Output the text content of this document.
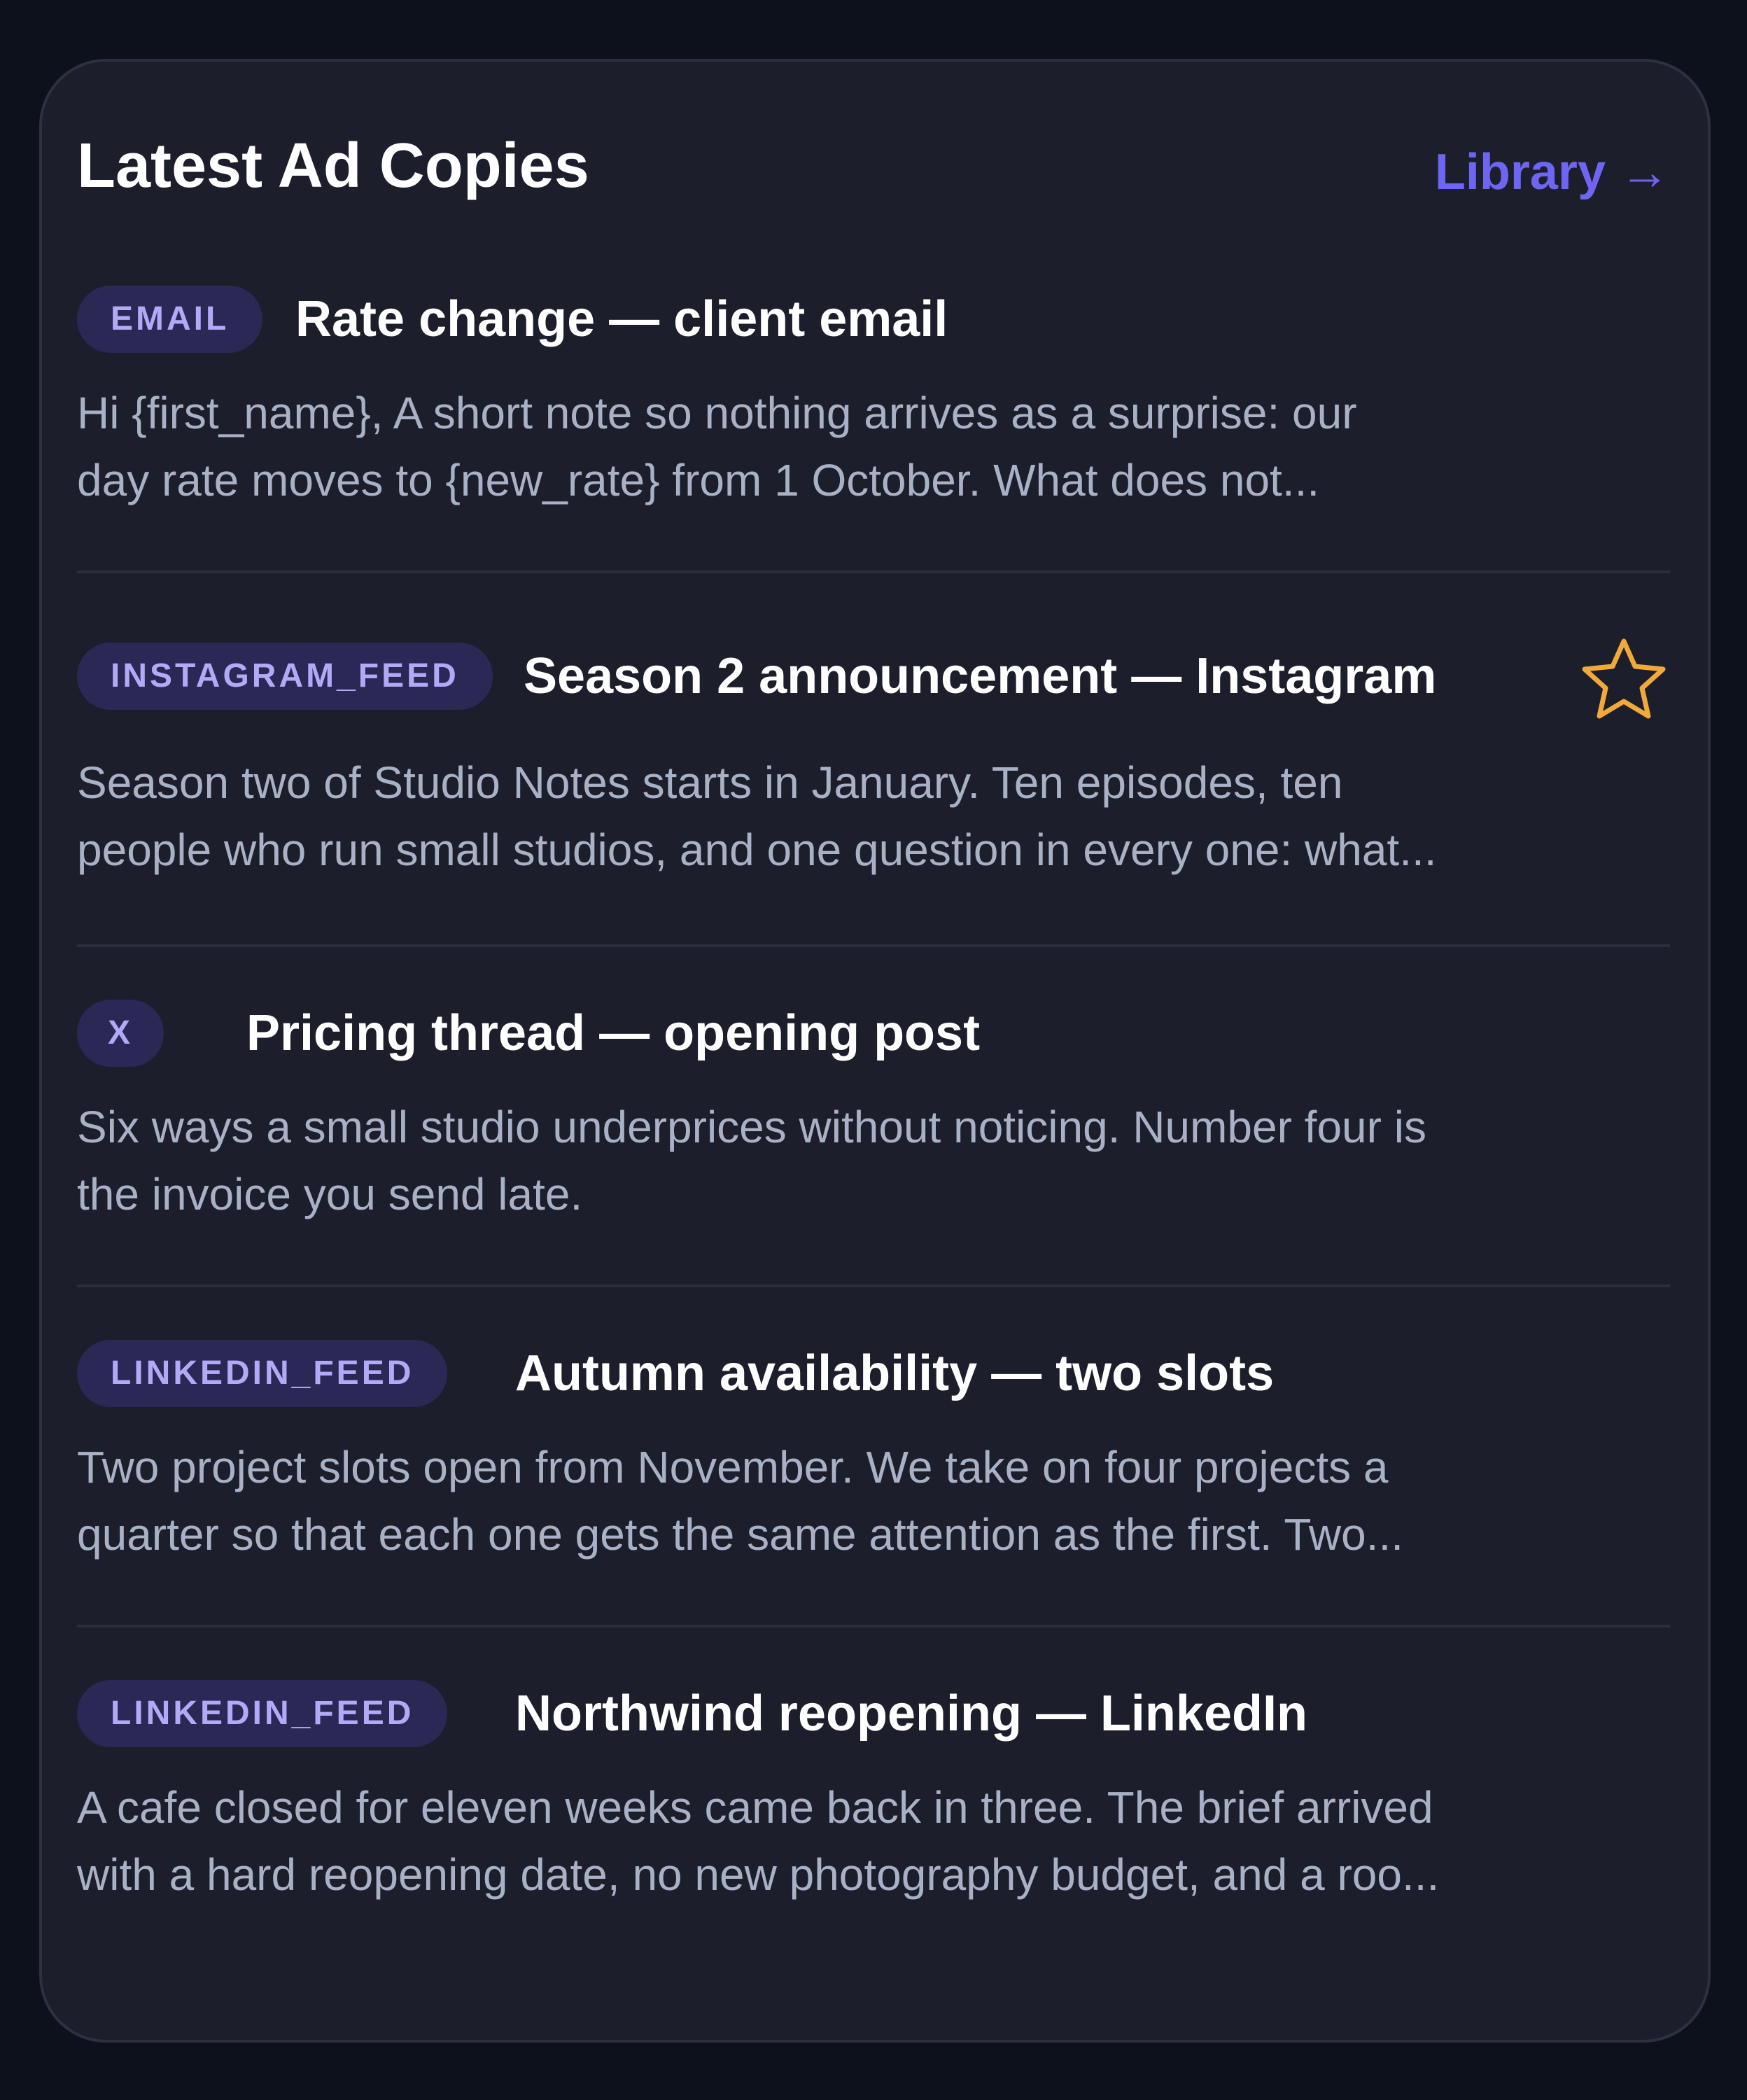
Latest Ad Copies	Library →
EMAIL	Rate change — client email
Hi {first_name}, A short note so nothing arrives as a surprise: our
day rate moves to {new_rate} from 1 October. What does not...
INSTAGRAM_FEED	Season 2 announcement — Instagram
Season two of Studio Notes starts in January. Ten episodes, ten
people who run small studios, and one question in every one: what...
X	Pricing thread — opening post
Six ways a small studio underprices without noticing. Number four is
the invoice you send late.
LINKEDIN_FEED	Autumn availability — two slots
Two project slots open from November. We take on four projects a
quarter so that each one gets the same attention as the first. Two...
LINKEDIN_FEED	Northwind reopening — LinkedIn
A cafe closed for eleven weeks came back in three. The brief arrived
with a hard reopening date, no new photography budget, and a roo...
